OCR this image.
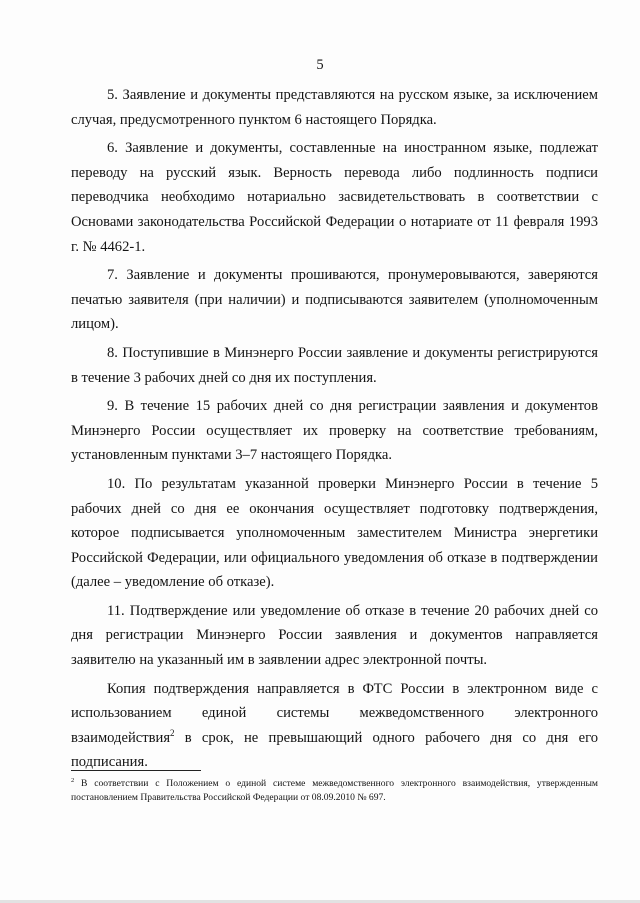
5

5. Заявление и документы представляются на русском языке, за исключением случая, предусмотренного пунктом 6 настоящего Порядка.

6. Заявление и документы, составленные на иностранном языке, подлежат переводу на русский язык. Верность перевода либо подлинность подписи переводчика необходимо нотариально засвидетельствовать в соответствии с Основами законодательства Российской Федерации о нотариате от 11 февраля 1993 г. № 4462-1.

7. Заявление и документы прошиваются, пронумеровываются, заверяются печатью заявителя (при наличии) и подписываются заявителем (уполномоченным лицом).

8. Поступившие в Минэнерго России заявление и документы регистрируются в течение 3 рабочих дней со дня их поступления.

9. В течение 15 рабочих дней со дня регистрации заявления и документов Минэнерго России осуществляет их проверку на соответствие требованиям, установленным пунктами 3–7 настоящего Порядка.

10. По результатам указанной проверки Минэнерго России в течение 5 рабочих дней со дня ее окончания осуществляет подготовку подтверждения, которое подписывается уполномоченным заместителем Министра энергетики Российской Федерации, или официального уведомления об отказе в подтверждении (далее – уведомление об отказе).

11. Подтверждение или уведомление об отказе в течение 20 рабочих дней со дня регистрации Минэнерго России заявления и документов направляется заявителю на указанный им в заявлении адрес электронной почты.

Копия подтверждения направляется в ФТС России в электронном виде с использованием единой системы межведомственного электронного взаимодействия$^2$ в срок, не превышающий одного рабочего дня со дня его подписания.

$^2$ В соответствии с Положением о единой системе межведомственного электронного взаимодействия, утвержденным постановлением Правительства Российской Федерации от 08.09.2010 № 697.
